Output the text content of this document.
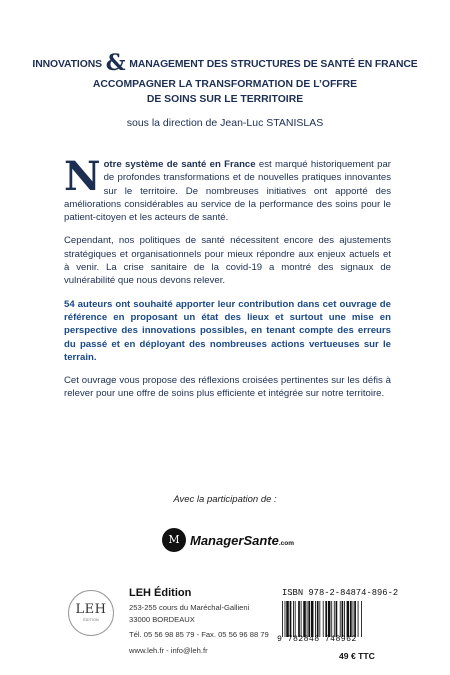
INNOVATIONS & MANAGEMENT DES STRUCTURES DE SANTÉ EN FRANCE
ACCOMPAGNER LA TRANSFORMATION DE L’OFFRE
DE SOINS SUR LE TERRITOIRE
sous la direction de Jean-Luc STANISLAS

Notre système de santé en France est marqué historiquement par de profondes transformations et de nouvelles pratiques innovantes sur le territoire. De nombreuses initiatives ont apporté des améliorations considérables au service de la performance des soins pour le patient-citoyen et les acteurs de santé.

Cependant, nos politiques de santé nécessitent encore des ajustements stratégiques et organisationnels pour mieux répondre aux enjeux actuels et à venir. La crise sanitaire de la covid-19 a montré des signaux de vulnérabilité que nous devons relever.

54 auteurs ont souhaité apporter leur contribution dans cet ouvrage de référence en proposant un état des lieux et surtout une mise en perspective des innovations possibles, en tenant compte des erreurs du passé et en déployant des nombreuses actions vertueuses sur le terrain.

Cet ouvrage vous propose des réflexions croisées pertinentes sur les défis à relever pour une offre de soins plus efficiente et intégrée sur notre territoire.

Avec la participation de :
M ManagerSante.com
LEH
ÉDITION
LEH Édition
253-255 cours du Maréchal-Gallieni
33000 BORDEAUX
Tél. 05 56 98 85 79 - Fax. 05 56 96 88 79
www.leh.fr - info@leh.fr
ISBN 978-2-84874-896-2
9 782848 748962
49 € TTC
